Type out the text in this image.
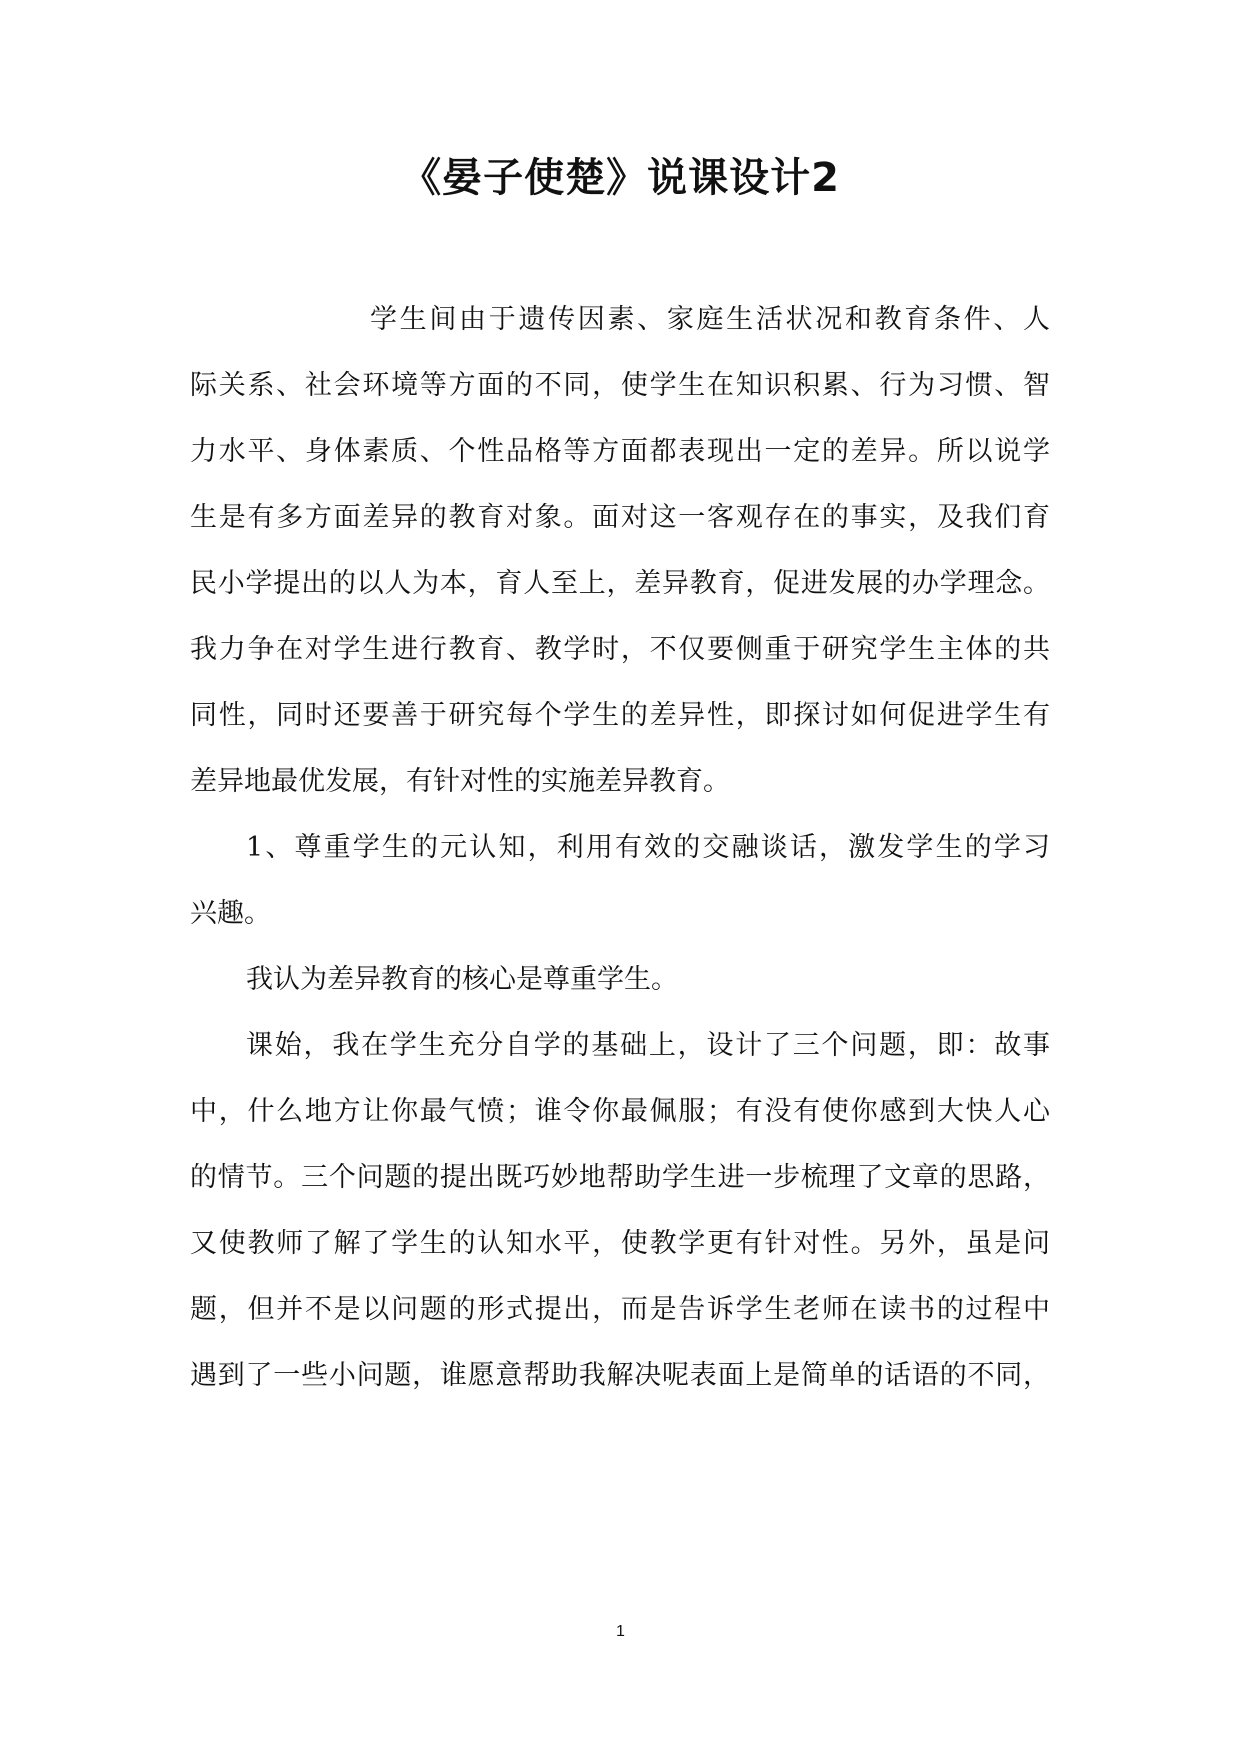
《晏子使楚》说课设计2
学生间由于遗传因素、家庭生活状况和教育条件、人
际关系、社会环境等方面的不同，使学生在知识积累、行为习惯、智
力水平、身体素质、个性品格等方面都表现出一定的差异。所以说学
生是有多方面差异的教育对象。面对这一客观存在的事实，及我们育
民小学提出的以人为本，育人至上，差异教育，促进发展的办学理念。
我力争在对学生进行教育、教学时，不仅要侧重于研究学生主体的共
同性，同时还要善于研究每个学生的差异性，即探讨如何促进学生有
差异地最优发展，有针对性的实施差异教育。
1、尊重学生的元认知，利用有效的交融谈话，激发学生的学习
兴趣。
我认为差异教育的核心是尊重学生。
课始，我在学生充分自学的基础上，设计了三个问题，即：故事
中，什么地方让你最气愤；谁令你最佩服；有没有使你感到大快人心
的情节。三个问题的提出既巧妙地帮助学生进一步梳理了文章的思路，
又使教师了解了学生的认知水平，使教学更有针对性。另外，虽是问
题，但并不是以问题的形式提出，而是告诉学生老师在读书的过程中
遇到了一些小问题，谁愿意帮助我解决呢表面上是简单的话语的不同，
1
